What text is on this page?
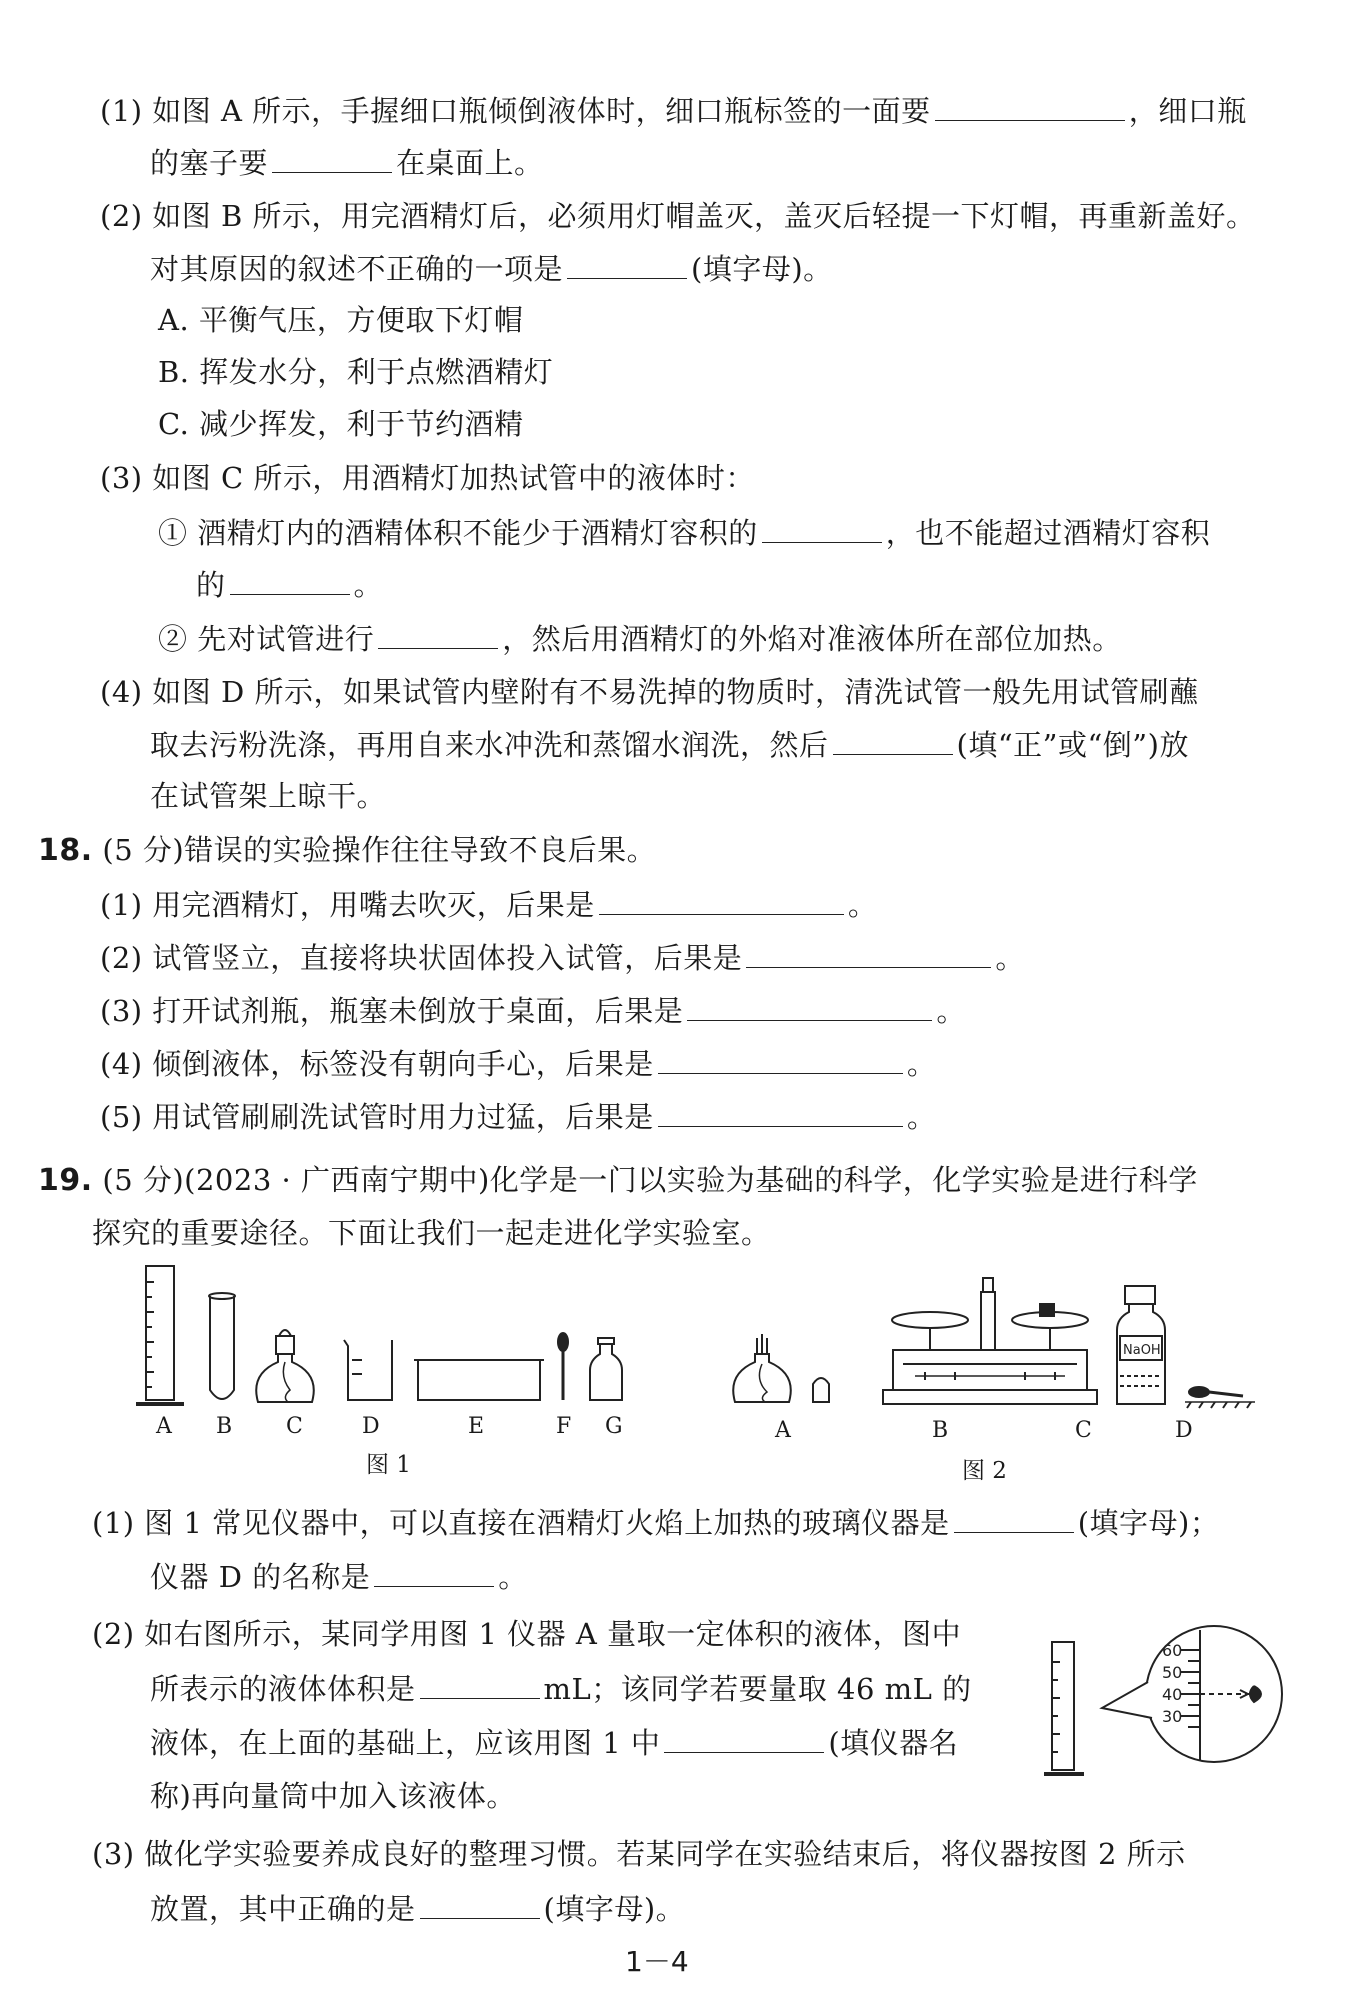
(1) 如图 A 所示，手握细口瓶倾倒液体时，细口瓶标签的一面要	，细口瓶
的塞子要	在桌面上。
(2) 如图 B 所示，用完酒精灯后，必须用灯帽盖灭，盖灭后轻提一下灯帽，再重新盖好。
对其原因的叙述不正确的一项是	(填字母)。
A. 平衡气压，方便取下灯帽
B. 挥发水分，利于点燃酒精灯
C. 减少挥发，利于节约酒精
(3) 如图 C 所示，用酒精灯加热试管中的液体时：
① 酒精灯内的酒精体积不能少于酒精灯容积的	，也不能超过酒精灯容积
的	。
② 先对试管进行	，然后用酒精灯的外焰对准液体所在部位加热。
(4) 如图 D 所示，如果试管内壁附有不易洗掉的物质时，清洗试管一般先用试管刷蘸
取去污粉洗涤，再用自来水冲洗和蒸馏水润洗，然后	(填“正”或“倒”)放
在试管架上晾干。
18. (5 分)错误的实验操作往往导致不良后果。
(1) 用完酒精灯，用嘴去吹灭，后果是	。
(2) 试管竖立，直接将块状固体投入试管，后果是	。
(3) 打开试剂瓶，瓶塞未倒放于桌面，后果是	。
(4) 倾倒液体，标签没有朝向手心，后果是	。
(5) 用试管刷刷洗试管时用力过猛，后果是	。
19. (5 分)(2023 · 广西南宁期中)化学是一门以实验为基础的科学，化学实验是进行科学
探究的重要途径。下面让我们一起走进化学实验室。
A B C	D	E	F G
图 1
NaOH
A	B	C	D
图 2
(1) 图 1 常见仪器中，可以直接在酒精灯火焰上加热的玻璃仪器是	(填字母)；
仪器 D 的名称是	。
(2) 如右图所示，某同学用图 1 仪器 A 量取一定体积的液体，图中
所表示的液体体积是	mL；该同学若要量取 46 mL 的
液体，在上面的基础上，应该用图 1 中	(填仪器名
称)再向量筒中加入该液体。
60
50
40
30
(3) 做化学实验要养成良好的整理习惯。若某同学在实验结束后，将仪器按图 2 所示
放置，其中正确的是	(填字母)。
1－4
